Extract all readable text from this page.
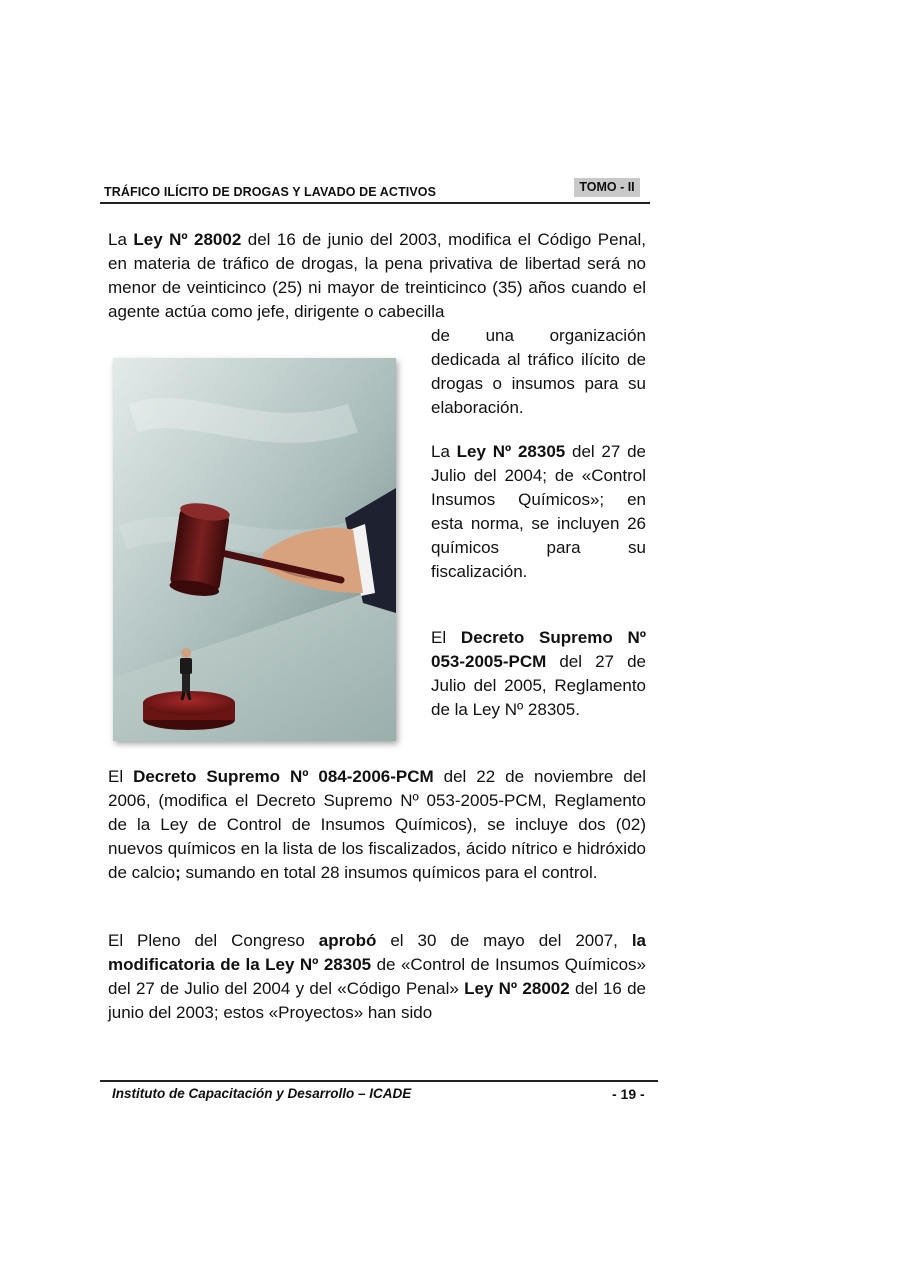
TRÁFICO ILÍCITO DE DROGAS Y LAVADO DE ACTIVOS	TOMO - II
La Ley Nº 28002 del 16 de junio del 2003, modifica el Código Penal, en materia de tráfico de drogas, la pena privativa de libertad será no menor de veinticinco (25) ni mayor de treinticinco (35) años cuando el agente actúa como jefe, dirigente o cabecilla
de una organización dedicada al tráfico ilícito de drogas o insumos para su elaboración.
La Ley Nº 28305 del 27 de Julio del 2004; de «Control Insumos Químicos»; en esta norma, se incluyen 26 químicos para su fiscalización.
El Decreto Supremo Nº 053-2005-PCM del 27 de Julio del 2005, Reglamento de la Ley Nº 28305.
El Decreto Supremo Nº 084-2006-PCM del 22 de noviembre del 2006, (modifica el Decreto Supremo Nº 053-2005-PCM, Reglamento de la Ley de Control de Insumos Químicos), se incluye dos (02) nuevos químicos en la lista de los fiscalizados, ácido nítrico e hidróxido de calcio; sumando en total 28 insumos químicos para el control.
El Pleno del Congreso aprobó el 30 de mayo del 2007, la modificatoria de la Ley Nº 28305 de «Control de Insumos Químicos» del 27 de Julio del 2004 y del «Código Penal» Ley Nº 28002 del 16 de junio del 2003; estos «Proyectos» han sido
Instituto de Capacitación y Desarrollo – ICADE	- 19 -
